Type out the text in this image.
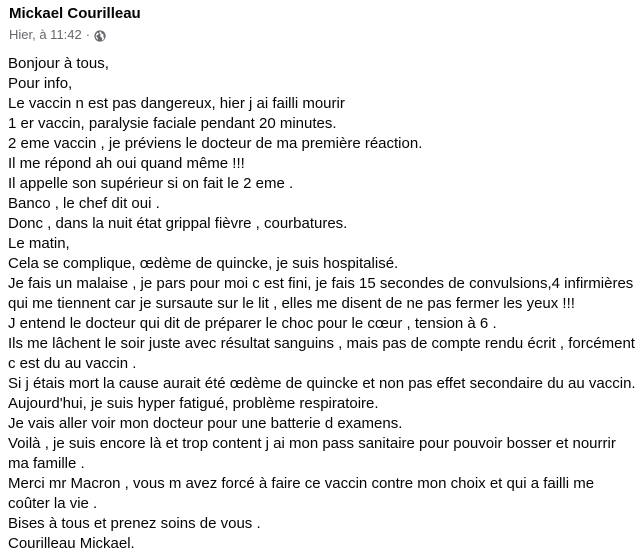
Mickael Courilleau
Hier, à 11:42 ·
Bonjour à tous,
Pour info,
Le vaccin n est pas dangereux, hier j ai failli mourir
1 er vaccin, paralysie faciale pendant 20 minutes.
2 eme vaccin , je préviens le docteur de ma première réaction.
Il me répond ah oui quand même !!!
Il appelle son supérieur si on fait le 2 eme .
Banco , le chef dit oui .
Donc , dans la nuit état grippal fièvre , courbatures.
Le matin,
Cela se complique, œdème de quincke, je suis hospitalisé.
Je fais un malaise , je pars pour moi c est fini, je fais 15 secondes de convulsions,4 infirmières
qui me tiennent car je sursaute sur le lit , elles me disent de ne pas fermer les yeux !!!
J entend le docteur qui dit de préparer le choc pour le cœur , tension à 6 .
Ils me lâchent le soir juste avec résultat sanguins , mais pas de compte rendu écrit , forcément
c est du au vaccin .
Si j étais mort la cause aurait été œdème de quincke et non pas effet secondaire du au vaccin.
Aujourd'hui, je suis hyper fatigué, problème respiratoire.
Je vais aller voir mon docteur pour une batterie d examens.
Voilà , je suis encore là et trop content j ai mon pass sanitaire pour pouvoir bosser et nourrir
ma famille .
Merci mr Macron , vous m avez forcé à faire ce vaccin contre mon choix et qui a failli me
coûter la vie .
Bises à tous et prenez soins de vous .
Courilleau Mickael.
